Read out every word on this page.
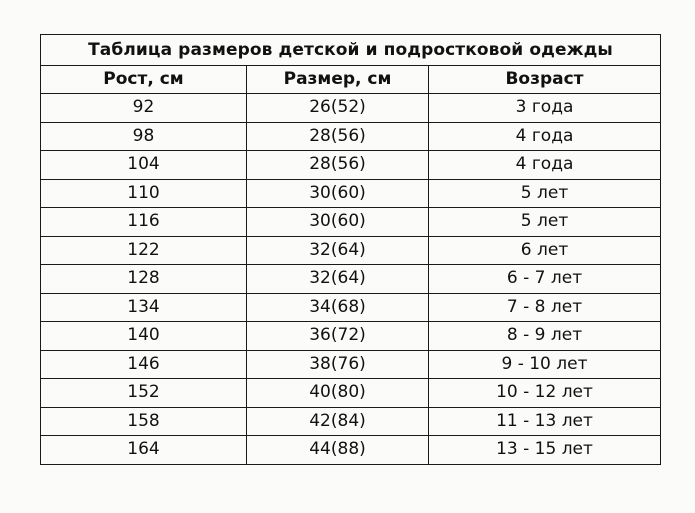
Таблица размеров детской и подростковой одежды		
Рост, см	Размер, см	Возраст
92	26(52)	3 года
98	28(56)	4 года
104	28(56)	4 года
110	30(60)	5 лет
116	30(60)	5 лет
122	32(64)	6 лет
128	32(64)	6 - 7 лет
134	34(68)	7 - 8 лет
140	36(72)	8 - 9 лет
146	38(76)	9 - 10 лет
152	40(80)	10 - 12 лет
158	42(84)	11 - 13 лет
164	44(88)	13 - 15 лет
